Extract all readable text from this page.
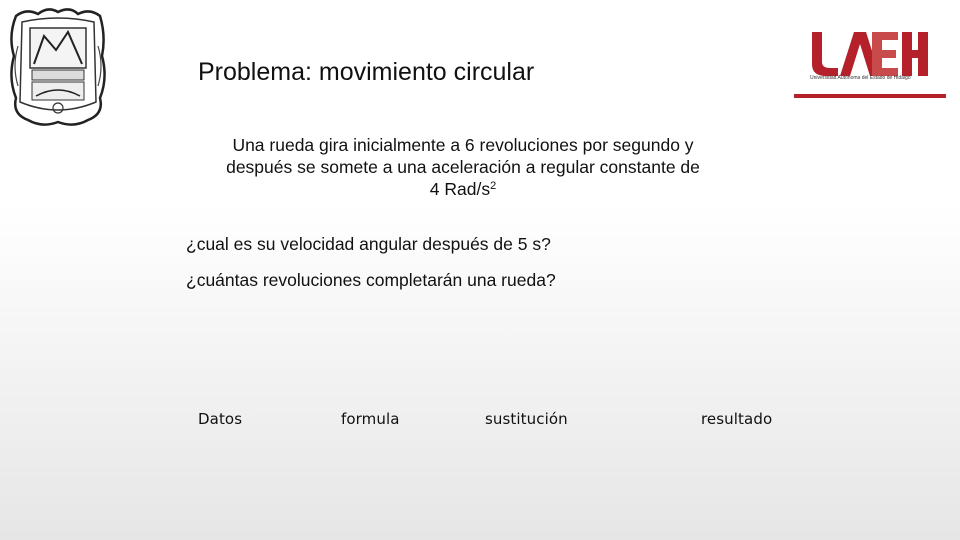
Universidad Autónoma del Estado de Hidalgo
Problema: movimiento circular
Una rueda gira inicialmente a 6 revoluciones por segundo y
después se somete a una aceleración a regular constante de
4 Rad/$s^2$
¿cual es su velocidad angular después de 5 s?
¿cuántas revoluciones completarán una rueda?
Datos	formula	sustitución	resultado
